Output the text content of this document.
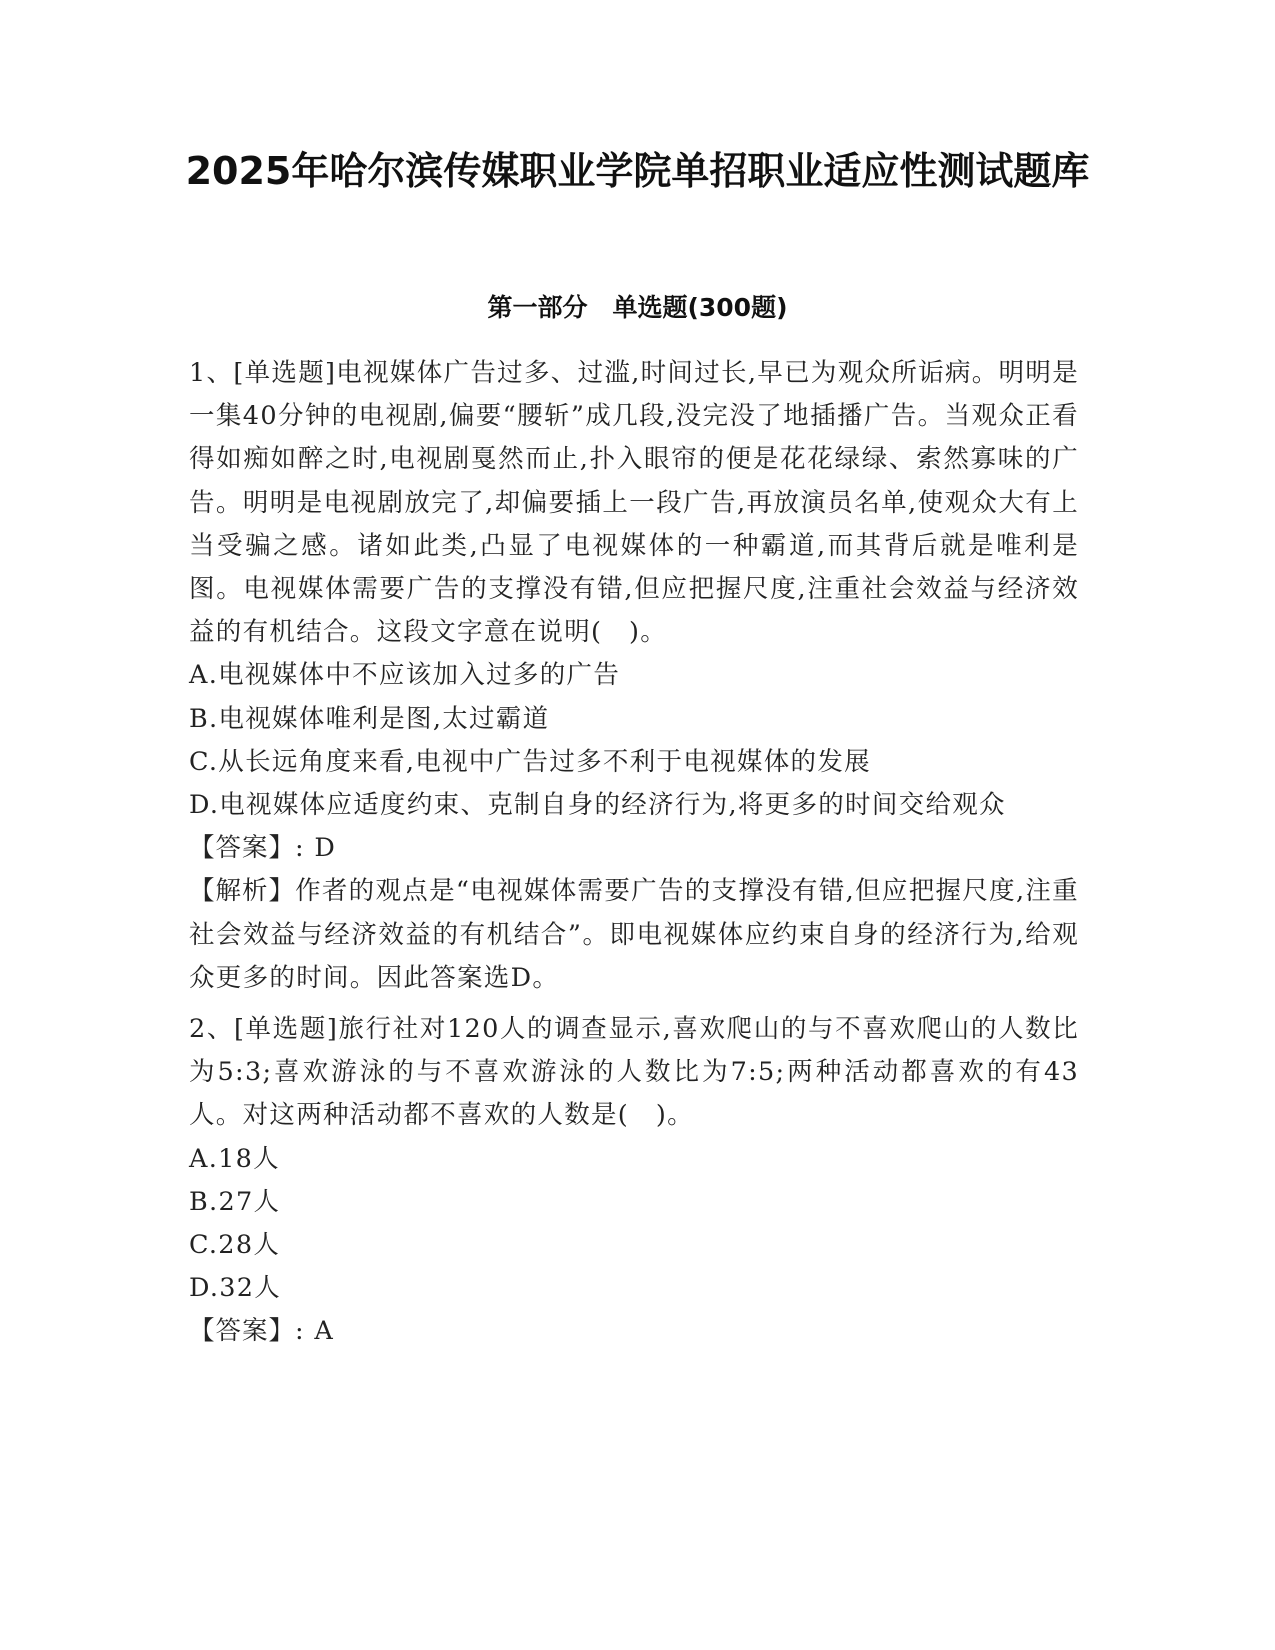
2025年哈尔滨传媒职业学院单招职业适应性测试题库
第一部分　单选题(300题)

1、[单选题]电视媒体广告过多、过滥,时间过长,早已为观众所诟病。明明是一集40分钟的电视剧,偏要“腰斩”成几段,没完没了地插播广告。当观众正看得如痴如醉之时,电视剧戛然而止,扑入眼帘的便是花花绿绿、索然寡味的广告。明明是电视剧放完了,却偏要插上一段广告,再放演员名单,使观众大有上当受骗之感。诸如此类,凸显了电视媒体的一种霸道,而其背后就是唯利是图。电视媒体需要广告的支撑没有错,但应把握尺度,注重社会效益与经济效益的有机结合。这段文字意在说明(　)。

A.电视媒体中不应该加入过多的广告

B.电视媒体唯利是图,太过霸道

C.从长远角度来看,电视中广告过多不利于电视媒体的发展

D.电视媒体应适度约束、克制自身的经济行为,将更多的时间交给观众

【答案】: D

【解析】作者的观点是“电视媒体需要广告的支撑没有错,但应把握尺度,注重社会效益与经济效益的有机结合”。即电视媒体应约束自身的经济行为,给观众更多的时间。因此答案选D。

2、[单选题]旅行社对120人的调查显示,喜欢爬山的与不喜欢爬山的人数比为5:3;喜欢游泳的与不喜欢游泳的人数比为7:5;两种活动都喜欢的有43人。对这两种活动都不喜欢的人数是(　)。

A.18人

B.27人

C.28人

D.32人

【答案】: A
